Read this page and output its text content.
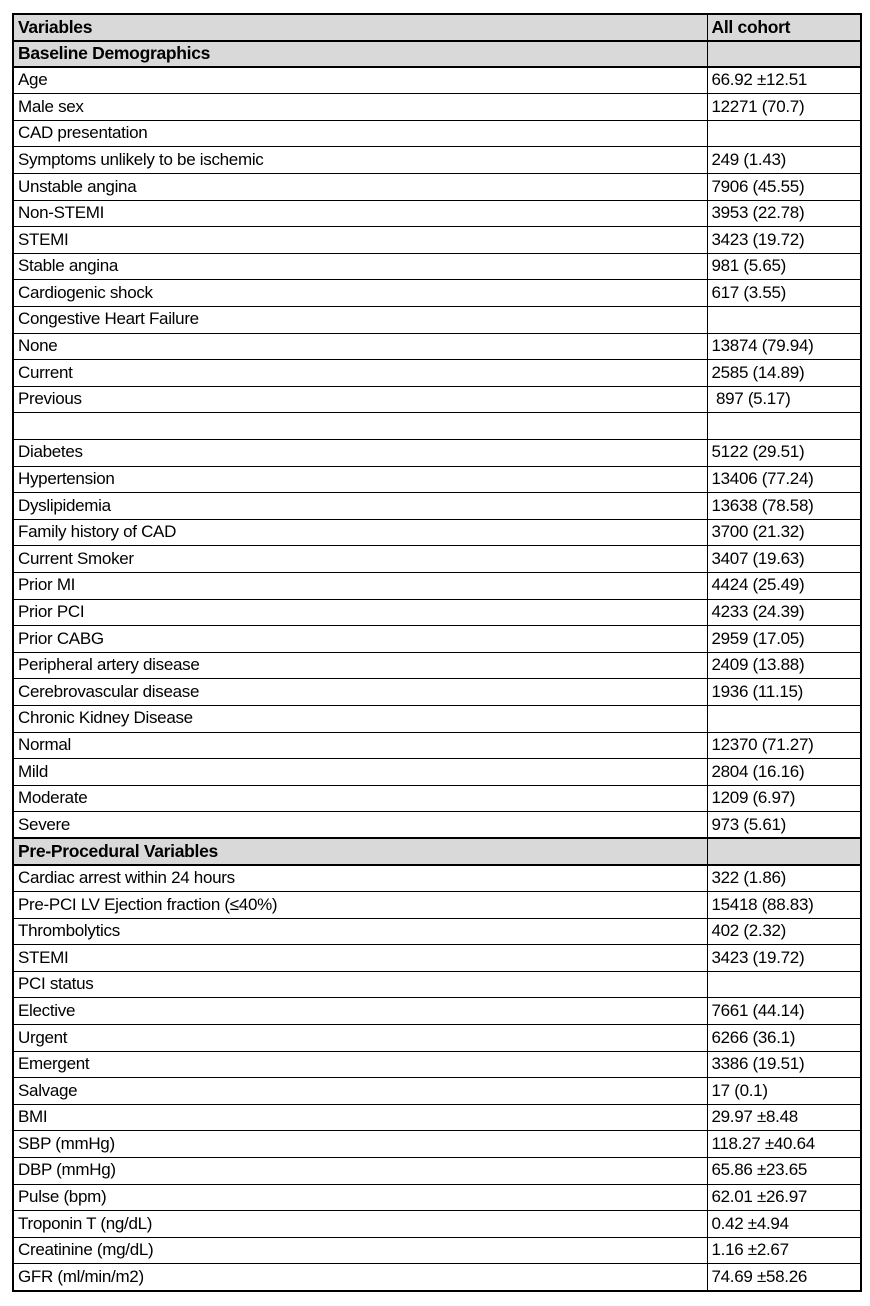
Variables	All cohort
Baseline Demographics	
Age	66.92 ±12.51
Male sex	12271 (70.7)
CAD presentation	
Symptoms unlikely to be ischemic	249 (1.43)
Unstable angina	7906 (45.55)
Non-STEMI	3953 (22.78)
STEMI	3423 (19.72)
Stable angina	981 (5.65)
Cardiogenic shock	617 (3.55)
Congestive Heart Failure	
None	13874 (79.94)
Current	2585 (14.89)
Previous	897 (5.17)

Diabetes	5122 (29.51)
Hypertension	13406 (77.24)
Dyslipidemia	13638 (78.58)
Family history of CAD	3700 (21.32)
Current Smoker	3407 (19.63)
Prior MI	4424 (25.49)
Prior PCI	4233 (24.39)
Prior CABG	2959 (17.05)
Peripheral artery disease	2409 (13.88)
Cerebrovascular disease	1936 (11.15)
Chronic Kidney Disease	
Normal	12370 (71.27)
Mild	2804 (16.16)
Moderate	1209 (6.97)
Severe	973 (5.61)
Pre-Procedural Variables	
Cardiac arrest within 24 hours	322 (1.86)
Pre-PCI LV Ejection fraction (≤40%)	15418 (88.83)
Thrombolytics	402 (2.32)
STEMI	3423 (19.72)
PCI status	
Elective	7661 (44.14)
Urgent	6266 (36.1)
Emergent	3386 (19.51)
Salvage	17 (0.1)
BMI	29.97 ±8.48
SBP (mmHg)	118.27 ±40.64
DBP (mmHg)	65.86 ±23.65
Pulse (bpm)	62.01 ±26.97
Troponin T (ng/dL)	0.42 ±4.94
Creatinine (mg/dL)	1.16 ±2.67
GFR (ml/min/m2)	74.69 ±58.26
